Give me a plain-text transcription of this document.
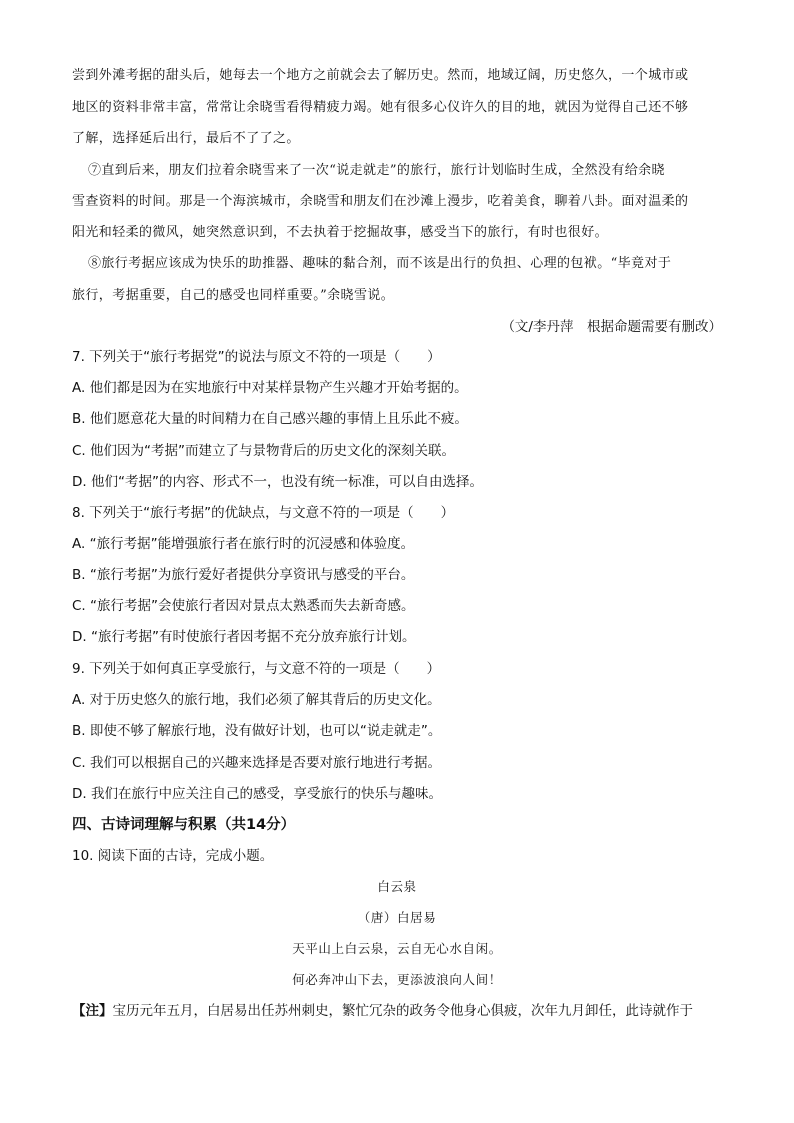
尝到外滩考据的甜头后，她每去一个地方之前就会去了解历史。然而，地域辽阔，历史悠久，一个城市或
地区的资料非常丰富，常常让余晓雪看得精疲力竭。她有很多心仪许久的目的地，就因为觉得自己还不够
了解，选择延后出行，最后不了了之。
⑦直到后来，朋友们拉着余晓雪来了一次“说走就走”的旅行，旅行计划临时生成，全然没有给余晓
雪查资料的时间。那是一个海滨城市，余晓雪和朋友们在沙滩上漫步，吃着美食，聊着八卦。面对温柔的
阳光和轻柔的微风，她突然意识到，不去执着于挖掘故事，感受当下的旅行，有时也很好。
⑧旅行考据应该成为快乐的助推器、趣味的黏合剂，而不该是出行的负担、心理的包袱。“毕竟对于
旅行，考据重要，自己的感受也同样重要。”余晓雪说。
（文/李丹萍　根据命题需要有删改）
7. 下列关于“旅行考据党”的说法与原文不符的一项是（　　）
A. 他们都是因为在实地旅行中对某样景物产生兴趣才开始考据的。
B. 他们愿意花大量的时间精力在自己感兴趣的事情上且乐此不疲。
C. 他们因为“考据”而建立了与景物背后的历史文化的深刻关联。
D. 他们“考据”的内容、形式不一，也没有统一标准，可以自由选择。
8. 下列关于“旅行考据”的优缺点，与文意不符的一项是（　　）
A. “旅行考据”能增强旅行者在旅行时的沉浸感和体验度。
B. “旅行考据”为旅行爱好者提供分享资讯与感受的平台。
C. “旅行考据”会使旅行者因对景点太熟悉而失去新奇感。
D. “旅行考据”有时使旅行者因考据不充分放弃旅行计划。
9. 下列关于如何真正享受旅行，与文意不符的一项是（　　）
A. 对于历史悠久的旅行地，我们必须了解其背后的历史文化。
B. 即使不够了解旅行地，没有做好计划，也可以“说走就走”。
C. 我们可以根据自己的兴趣来选择是否要对旅行地进行考据。
D. 我们在旅行中应关注自己的感受，享受旅行的快乐与趣味。
四、古诗词理解与积累（共14分）
10. 阅读下面的古诗，完成小题。
白云泉
（唐）白居易
天平山上白云泉，云自无心水自闲。
何必奔冲山下去，更添波浪向人间！
【注】宝历元年五月，白居易出任苏州刺史，繁忙冗杂的政务令他身心俱疲，次年九月卸任，此诗就作于
